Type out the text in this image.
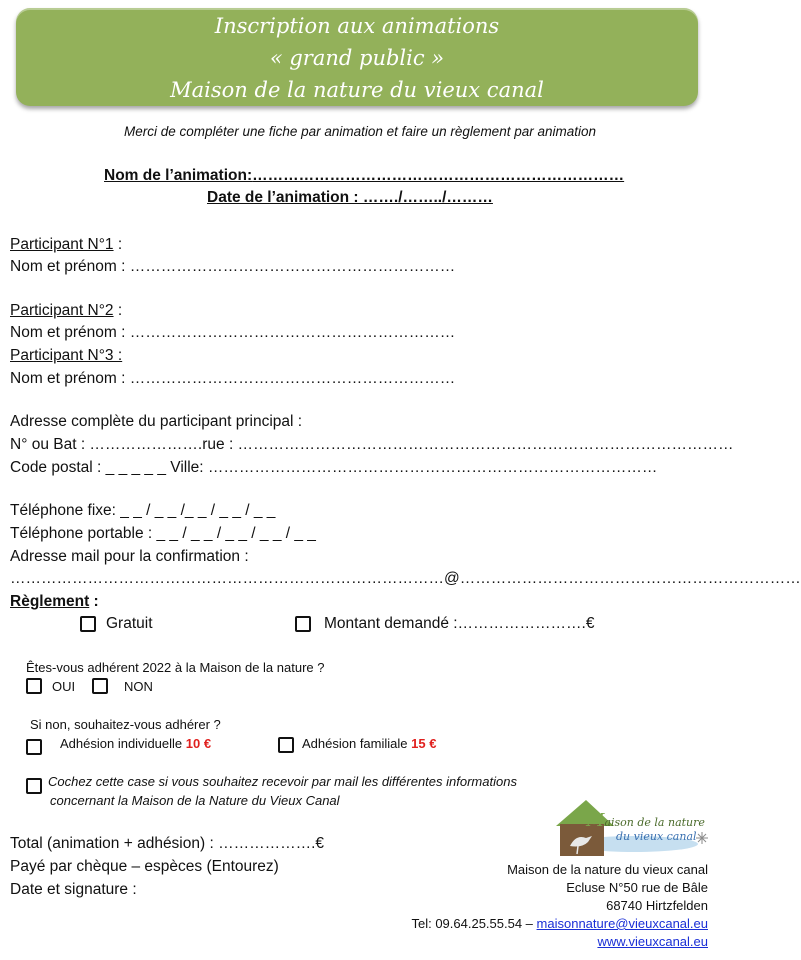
Inscription aux animations
« grand public »
Maison de la nature du vieux canal
Merci de compléter une fiche par animation et faire un règlement par animation
Nom de l’animation:………………………………………………………………
Date de l’animation : ……./……../………
Participant N°1 :
Nom et prénom : ………………………………………………………
Participant N°2 :
Nom et prénom : ………………………………………………………
Participant N°3 :
Nom et prénom : ………………………………………………………
Adresse complète du participant principal :
N° ou Bat : ………………….rue : ……………………………………………………………………………………
Code postal : _ _ _ _ _ Ville: ……………………………………………………………………………
Téléphone fixe: _ _ / _ _ /_ _ / _ _ / _ _
Téléphone portable : _ _ / _ _ / _ _ / _ _ / _ _
Adresse mail pour la confirmation :
…………………………………………………………………………@…………………………………………………………
Règlement :
Gratuit	Montant demandé :…………………….€
Êtes-vous adhérent 2022 à la Maison de la nature ?
OUI	NON
Si non, souhaitez-vous adhérer ?
Adhésion individuelle 10 €	Adhésion familiale 15 €
Cochez cette case si vous souhaitez recevoir par mail les différentes informations
concernant la Maison de la Nature du Vieux Canal
Total (animation + adhésion) : ……………….€
Payé par chèque – espèces (Entourez)
Date et signature :
Maison de la nature
du vieux canal
Maison de la nature du vieux canal
Ecluse N°50 rue de Bâle
68740 Hirtzfelden
Tel: 09.64.25.55.54 – maisonnature@vieuxcanal.eu
www.vieuxcanal.eu
